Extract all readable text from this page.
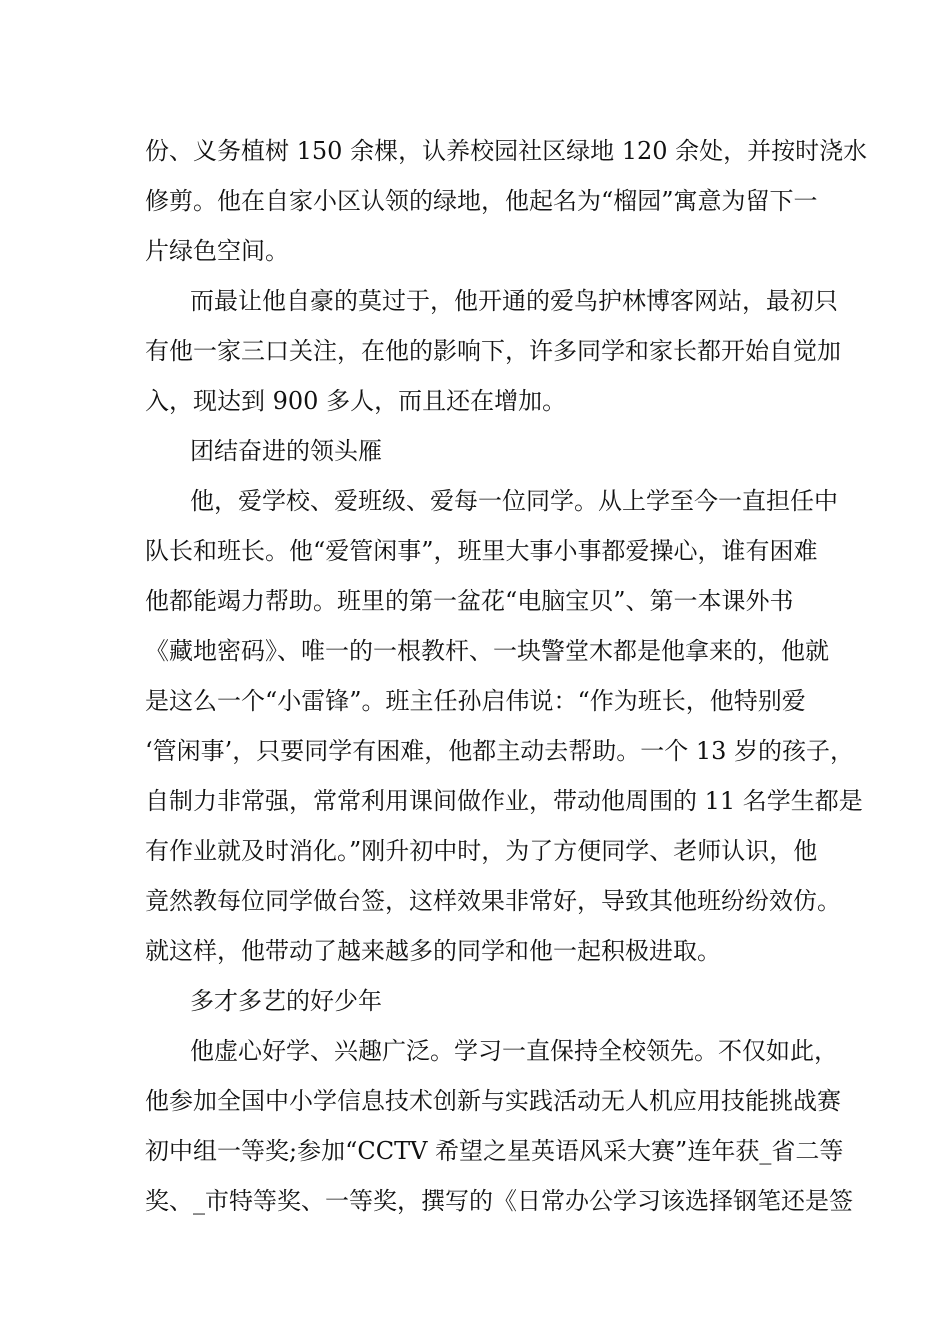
份、义务植树 150 余棵，认养校园社区绿地 120 余处，并按时浇水
修剪。他在自家小区认领的绿地，他起名为“榴园”寓意为留下一
片绿色空间。
而最让他自豪的莫过于，他开通的爱鸟护林博客网站，最初只
有他一家三口关注，在他的影响下，许多同学和家长都开始自觉加
入，现达到 900 多人，而且还在增加。
团结奋进的领头雁
他，爱学校、爱班级、爱每一位同学。从上学至今一直担任中
队长和班长。他“爱管闲事”，班里大事小事都爱操心，谁有困难
他都能竭力帮助。班里的第一盆花“电脑宝贝”、第一本课外书
《藏地密码》、唯一的一根教杆、一块警堂木都是他拿来的，他就
是这么一个“小雷锋”。班主任孙启伟说：“作为班长，他特别爱
‘管闲事’，只要同学有困难，他都主动去帮助。一个 13 岁的孩子，
自制力非常强，常常利用课间做作业，带动他周围的 11 名学生都是
有作业就及时消化。”刚升初中时，为了方便同学、老师认识，他
竟然教每位同学做台签，这样效果非常好，导致其他班纷纷效仿。
就这样，他带动了越来越多的同学和他一起积极进取。
多才多艺的好少年
他虚心好学、兴趣广泛。学习一直保持全校领先。不仅如此，
他参加全国中小学信息技术创新与实践活动无人机应用技能挑战赛
初中组一等奖;参加“CCTV 希望之星英语风采大赛”连年获_省二等
奖、_市特等奖、一等奖，撰写的《日常办公学习该选择钢笔还是签
